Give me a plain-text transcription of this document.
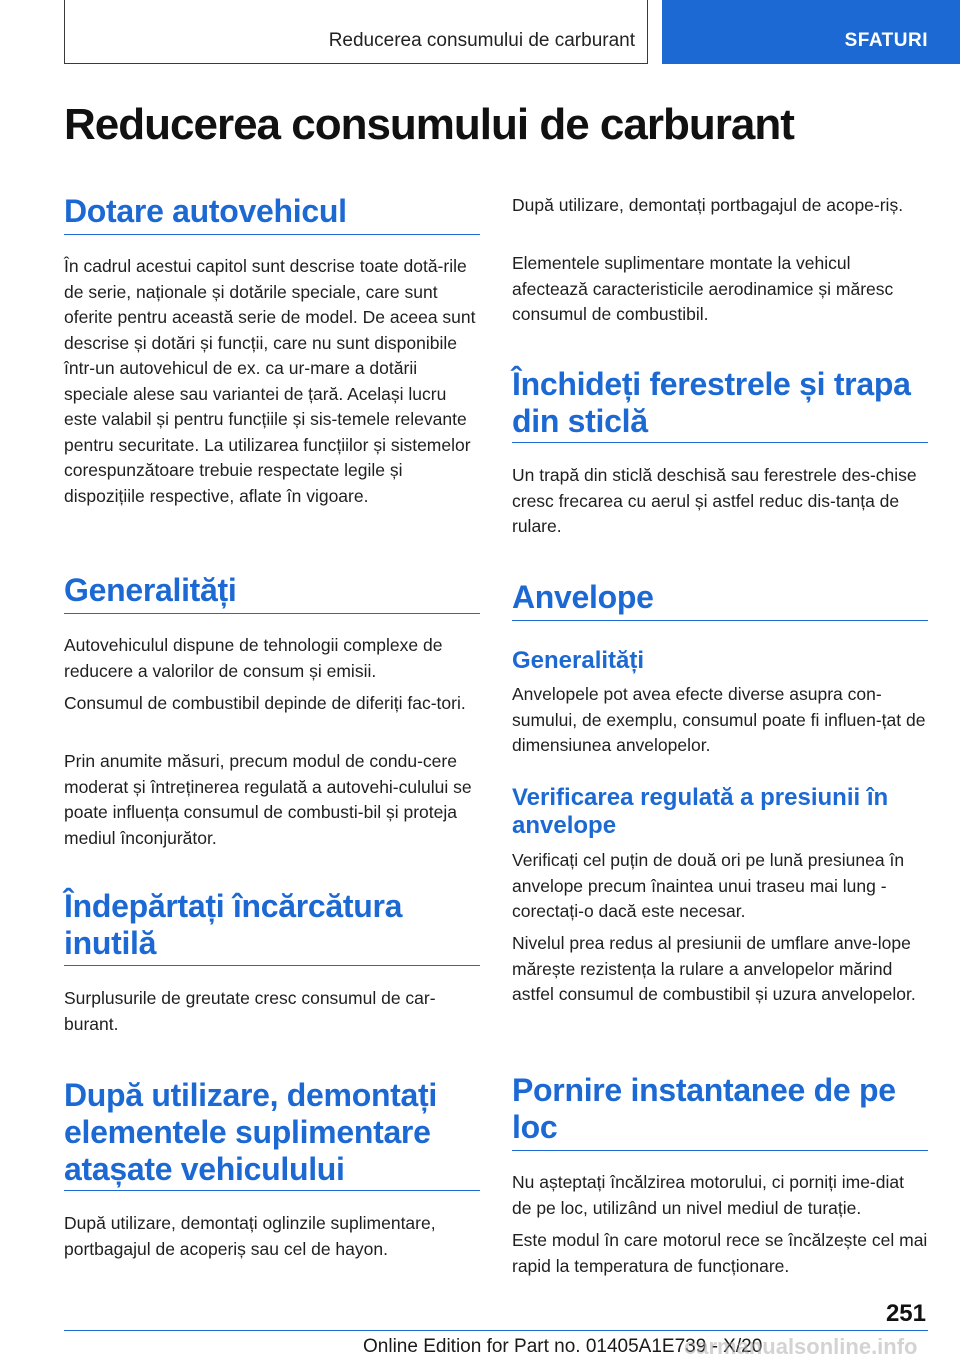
Reducerea consumului de carburant	SFATURI
Reducerea consumului de carburant
Dotare autovehicul

În cadrul acestui capitol sunt descrise toate dotă-rile de serie, naționale și dotările speciale, care sunt oferite pentru această serie de model. De aceea sunt descrise și dotări și funcții, care nu sunt disponibile într-un autovehicul de ex. ca ur-mare a dotării speciale alese sau variantei de țară. Același lucru este valabil și pentru funcțiile și sis-temele relevante pentru securitate. La utilizarea funcțiilor și sistemelor corespunzătoare trebuie respectate legile și dispozițiile respective, aflate în vigoare.

Generalități

Autovehiculul dispune de tehnologii complexe de reducere a valorilor de consum și emisii.

Consumul de combustibil depinde de diferiți fac-tori.

Prin anumite măsuri, precum modul de condu-cere moderat și întreținerea regulată a autovehi-culului se poate influența consumul de combusti-bil și proteja mediul înconjurător.

Îndepărtați încărcătura inutilă

Surplusurile de greutate cresc consumul de car-burant.

După utilizare, demontați elementele suplimentare atașate vehiculului

După utilizare, demontați oglinzile suplimentare, portbagajul de acoperiș sau cel de hayon.

După utilizare, demontați portbagajul de acope-riș.

Elementele suplimentare montate la vehicul afectează caracteristicile aerodinamice și măresc consumul de combustibil.

Închideți ferestrele și trapa din sticlă

Un trapă din sticlă deschisă sau ferestrele des-chise cresc frecarea cu aerul și astfel reduc dis-tanța de rulare.

Anvelope
Generalități

Anvelopele pot avea efecte diverse asupra con-sumului, de exemplu, consumul poate fi influen-țat de dimensiunea anvelopelor.

Verificarea regulată a presiunii în anvelope

Verificați cel puțin de două ori pe lună presiunea în anvelope precum înaintea unui traseu mai lung - corectați-o dacă este necesar.

Nivelul prea redus al presiunii de umflare anve-lope mărește rezistența la rulare a anvelopelor mărind astfel consumul de combustibil și uzura anvelopelor.

Pornire instantanee de pe loc

Nu așteptați încălzirea motorului, ci porniți ime-diat de pe loc, utilizând un nivel mediul de turație.

Este modul în care motorul rece se încălzește cel mai rapid la temperatura de funcționare.

251
Online Edition for Part no. 01405A1E739 - X/20
carmanualsonline.info
